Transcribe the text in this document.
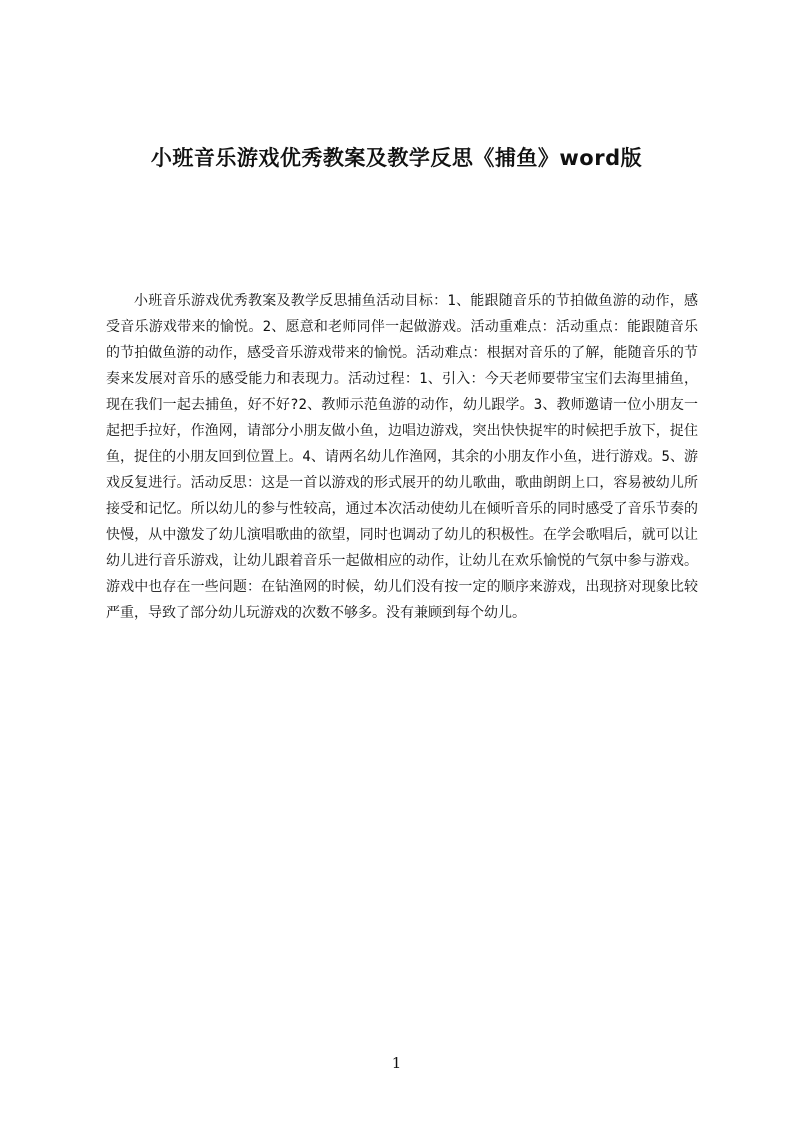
小班音乐游戏优秀教案及教学反思《捕鱼》word版

小班音乐游戏优秀教案及教学反思捕鱼活动目标：1、能跟随音乐的节拍做鱼游的动作，感受音乐游戏带来的愉悦。2、愿意和老师同伴一起做游戏。活动重难点：活动重点：能跟随音乐的节拍做鱼游的动作，感受音乐游戏带来的愉悦。活动难点：根据对音乐的了解，能随音乐的节奏来发展对音乐的感受能力和表现力。活动过程：1、引入：今天老师要带宝宝们去海里捕鱼，现在我们一起去捕鱼，好不好?2、教师示范鱼游的动作，幼儿跟学。3、教师邀请一位小朋友一起把手拉好，作渔网，请部分小朋友做小鱼，边唱边游戏，突出快快捉牢的时候把手放下，捉住鱼，捉住的小朋友回到位置上。4、请两名幼儿作渔网，其余的小朋友作小鱼，进行游戏。5、游戏反复进行。活动反思：这是一首以游戏的形式展开的幼儿歌曲，歌曲朗朗上口，容易被幼儿所接受和记忆。所以幼儿的参与性较高，通过本次活动使幼儿在倾听音乐的同时感受了音乐节奏的快慢，从中激发了幼儿演唱歌曲的欲望，同时也调动了幼儿的积极性。在学会歌唱后，就可以让幼儿进行音乐游戏，让幼儿跟着音乐一起做相应的动作，让幼儿在欢乐愉悦的气氛中参与游戏。游戏中也存在一些问题：在钻渔网的时候，幼儿们没有按一定的顺序来游戏，出现挤对现象比较严重，导致了部分幼儿玩游戏的次数不够多。没有兼顾到每个幼儿。

1
